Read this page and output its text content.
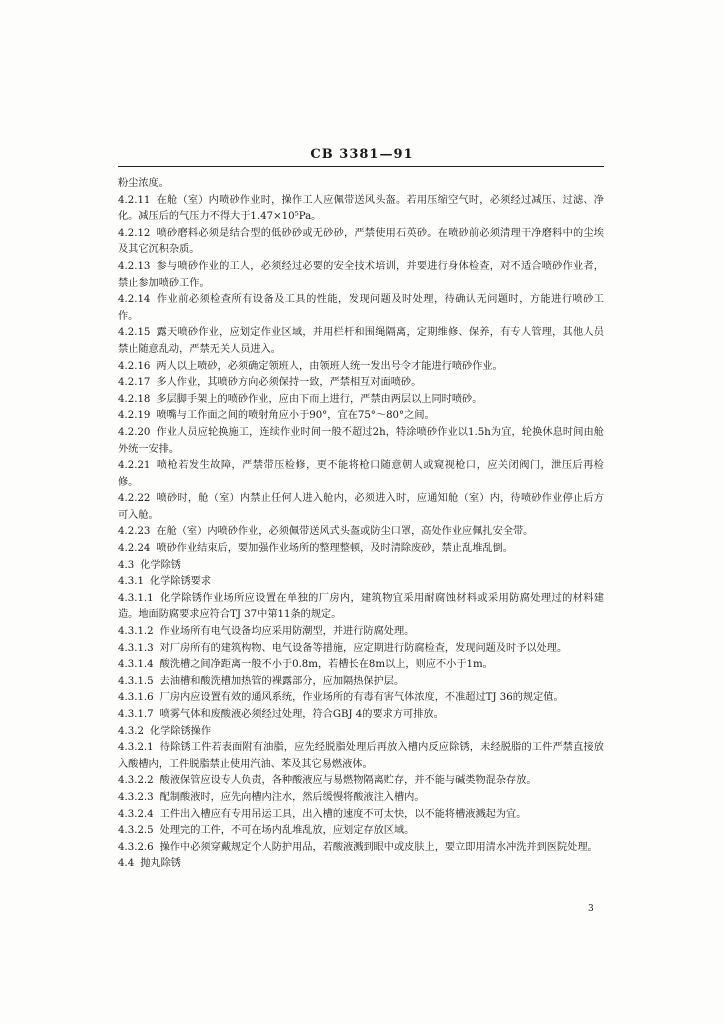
CB 3381—91

粉尘浓度。

4.2.11 在舱（室）内喷砂作业时，操作工人应佩带送风头盔。若用压缩空气时，必须经过减压、过滤、净化。减压后的气压力不得大于1.47×10⁵Pa。

4.2.12 喷砂磨料必须是结合型的低砂砂或无砂砂，严禁使用石英砂。在喷砂前必须清理干净磨料中的尘埃及其它沉积杂质。

4.2.13 参与喷砂作业的工人，必须经过必要的安全技术培训，并要进行身体检查，对不适合喷砂作业者，禁止参加喷砂工作。

4.2.14 作业前必须检查所有设备及工具的性能，发现问题及时处理，待确认无问题时，方能进行喷砂工作。

4.2.15 露天喷砂作业，应划定作业区域，并用栏杆和围绳隔离，定期维修、保养，有专人管理，其他人员禁止随意乱动，严禁无关人员进入。

4.2.16 两人以上喷砂，必须确定领班人，由领班人统一发出号令才能进行喷砂作业。

4.2.17 多人作业，其喷砂方向必须保持一致，严禁相互对面喷砂。

4.2.18 多层脚手架上的喷砂作业，应由下而上进行，严禁由两层以上同时喷砂。

4.2.19 喷嘴与工作面之间的喷射角应小于90°，宜在75°～80°之间。

4.2.20 作业人员应轮换施工，连续作业时间一般不超过2h，特涂喷砂作业以1.5h为宜，轮换休息时间由舱外统一安排。

4.2.21 喷枪若发生故障，严禁带压检修，更不能将枪口随意朝人或窥视枪口，应关闭阀门，泄压后再检修。

4.2.22 喷砂时，舱（室）内禁止任何人进入舱内，必须进入时，应通知舱（室）内，待喷砂作业停止后方可入舱。

4.2.23 在舱（室）内喷砂作业，必须佩带送风式头盔或防尘口罩，高处作业应佩扎安全带。

4.2.24 喷砂作业结束后，要加强作业场所的整理整顿，及时清除废砂，禁止乱堆乱倒。

4.3 化学除锈

4.3.1 化学除锈要求

4.3.1.1 化学除锈作业场所应设置在单独的厂房内，建筑物宜采用耐腐蚀材料或采用防腐处理过的材料建造。地面防腐要求应符合TJ 37中第11条的规定。

4.3.1.2 作业场所有电气设备均应采用防潮型，并进行防腐处理。

4.3.1.3 对厂房所有的建筑构物、电气设备等措施，应定期进行防腐检查，发现问题及时予以处理。

4.3.1.4 酸洗槽之间净距离一般不小于0.8m，若槽长在8m以上，则应不小于1m。

4.3.1.5 去油槽和酸洗槽加热管的裸露部分，应加隔热保护层。

4.3.1.6 厂房内应设置有效的通风系统，作业场所的有毒有害气体浓度，不准超过TJ 36的规定值。

4.3.1.7 喷雾气体和废酸液必须经过处理，符合GBJ 4的要求方可排放。

4.3.2 化学除锈操作

4.3.2.1 待除锈工件若表面附有油脂，应先经脱脂处理后再放入槽内反应除锈，未经脱脂的工件严禁直接放入酸槽内，工件脱脂禁止使用汽油、苯及其它易燃液体。

4.3.2.2 酸液保管应设专人负责，各种酸液应与易燃物隔离贮存，并不能与碱类物混杂存放。

4.3.2.3 配制酸液时，应先向槽内注水，然后缓慢将酸液注入槽内。

4.3.2.4 工件出入槽应有专用吊运工具，出入槽的速度不可太快，以不能将槽液溅起为宜。

4.3.2.5 处理完的工件，不可在场内乱堆乱放，应划定存放区域。

4.3.2.6 操作中必须穿戴规定个人防护用品，若酸液溅到眼中或皮肤上，要立即用清水冲洗并到医院处理。

4.4 抛丸除锈

3
